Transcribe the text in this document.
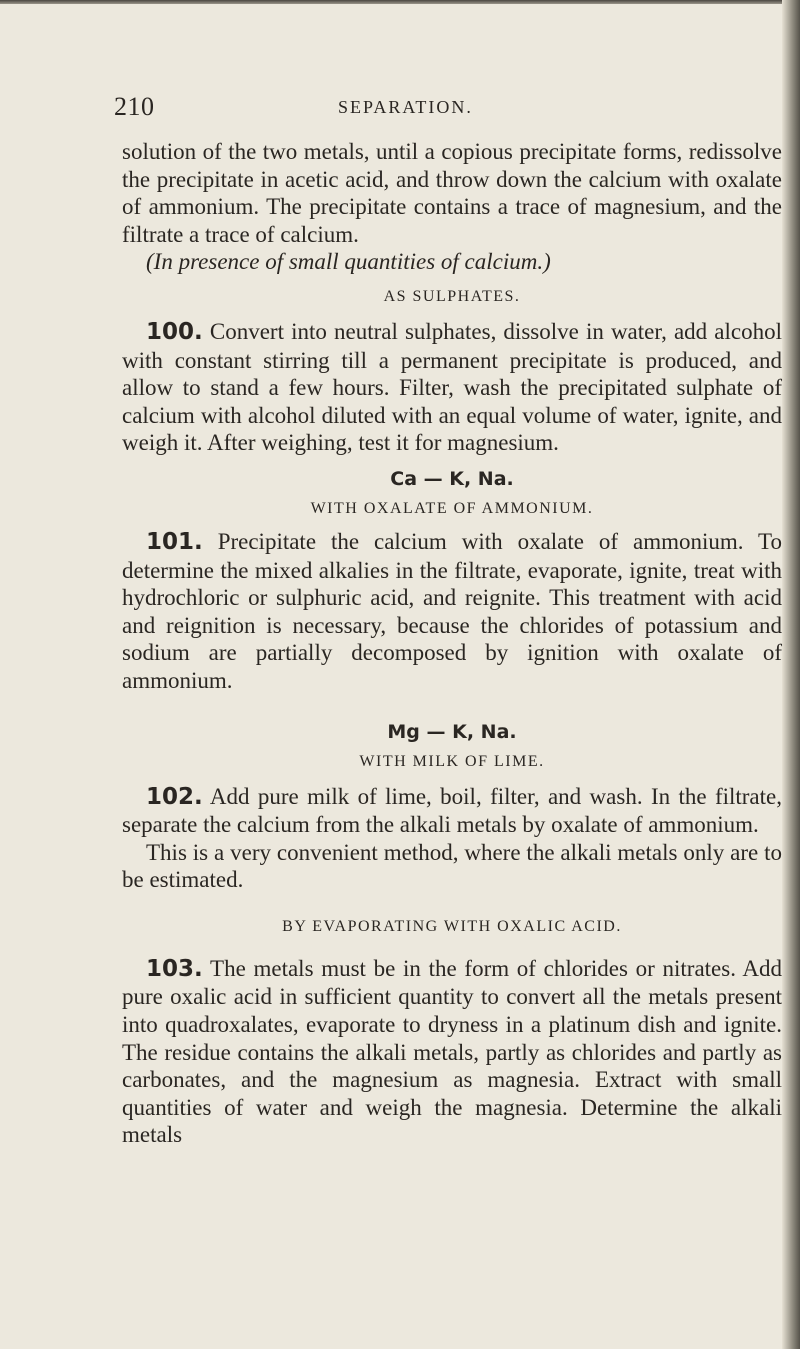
210	SEPARATION.

solution of the two metals, until a copious precipitate forms, redissolve the precipitate in acetic acid, and throw down the calcium with oxalate of ammonium. The precipitate contains a trace of magnesium, and the filtrate a trace of calcium.

(In presence of small quantities of calcium.)
AS SULPHATES.

100. Convert into neutral sulphates, dissolve in water, add alcohol with constant stirring till a permanent precipitate is produced, and allow to stand a few hours. Filter, wash the precipitated sulphate of calcium with alcohol diluted with an equal volume of water, ignite, and weigh it. After weighing, test it for magnesium.

Ca — K, Na.
WITH OXALATE OF AMMONIUM.

101. Precipitate the calcium with oxalate of ammonium. To determine the mixed alkalies in the filtrate, evaporate, ignite, treat with hydrochloric or sulphuric acid, and reignite. This treatment with acid and reignition is necessary, because the chlorides of potassium and sodium are partially decomposed by ignition with oxalate of ammonium.

Mg — K, Na.
WITH MILK OF LIME.

102. Add pure milk of lime, boil, filter, and wash. In the filtrate, separate the calcium from the alkali metals by oxalate of ammonium.

This is a very convenient method, where the alkali metals only are to be estimated.

BY EVAPORATING WITH OXALIC ACID.

103. The metals must be in the form of chlorides or nitrates. Add pure oxalic acid in sufficient quantity to convert all the metals present into quadroxalates, evaporate to dryness in a platinum dish and ignite. The residue contains the alkali metals, partly as chlorides and partly as carbonates, and the magnesium as magnesia. Extract with small quantities of water and weigh the magnesia. Determine the alkali metals
